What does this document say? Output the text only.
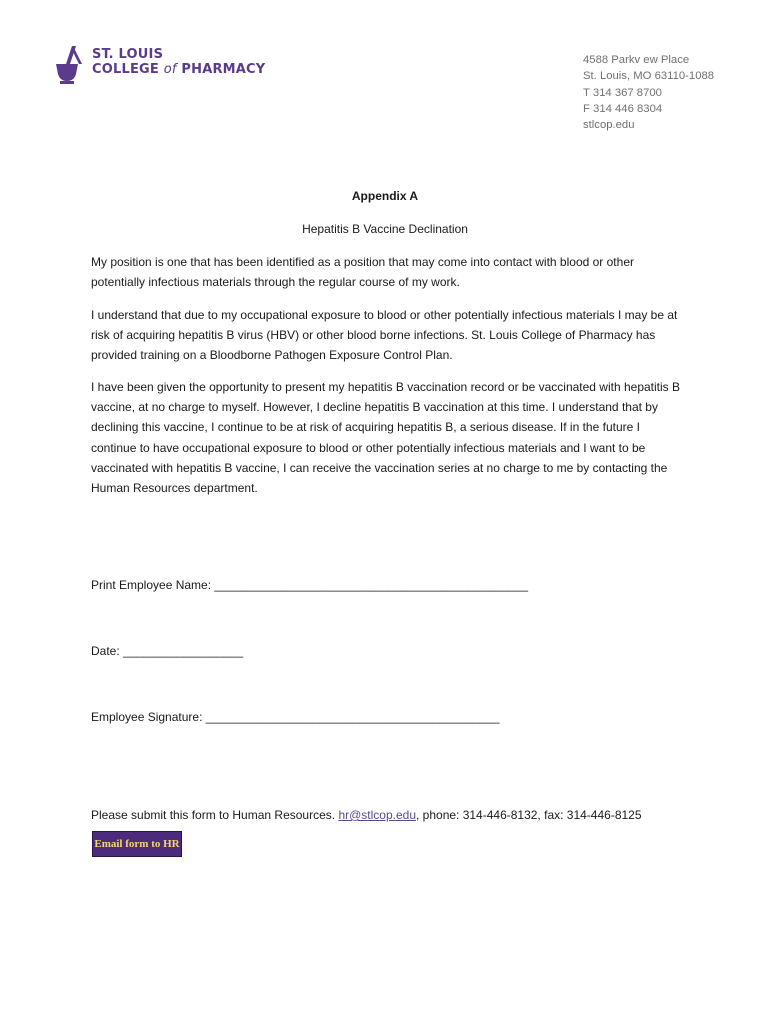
ST. LOUIS
COLLEGE of PHARMACY
4588 Parkv ew Place
St. Louis, MO 63110-1088
T 314 367 8700
F 314 446 8304
stlcop.edu
Appendix A
Hepatitis B Vaccine Declination
My position is one that has been identified as a position that may come into contact with blood or other potentially infectious materials through the regular course of my work.
I understand that due to my occupational exposure to blood or other potentially infectious materials I may be at risk of acquiring hepatitis B virus (HBV) or other blood borne infections. St. Louis College of Pharmacy has provided training on a Bloodborne Pathogen Exposure Control Plan.
I have been given the opportunity to present my hepatitis B vaccination record or be vaccinated with hepatitis B vaccine, at no charge to myself. However, I decline hepatitis B vaccination at this time. I understand that by declining this vaccine, I continue to be at risk of acquiring hepatitis B, a serious disease. If in the future I continue to have occupational exposure to blood or other potentially infectious materials and I want to be vaccinated with hepatitis B vaccine, I can receive the vaccination series at no charge to me by contacting the Human Resources department.
Print Employee Name: _______________________________________________
Date: __________________
Employee Signature: ____________________________________________
Please submit this form to Human Resources. hr@stlcop.edu, phone: 314-446-8132, fax: 314-446-8125
Email form to HR
